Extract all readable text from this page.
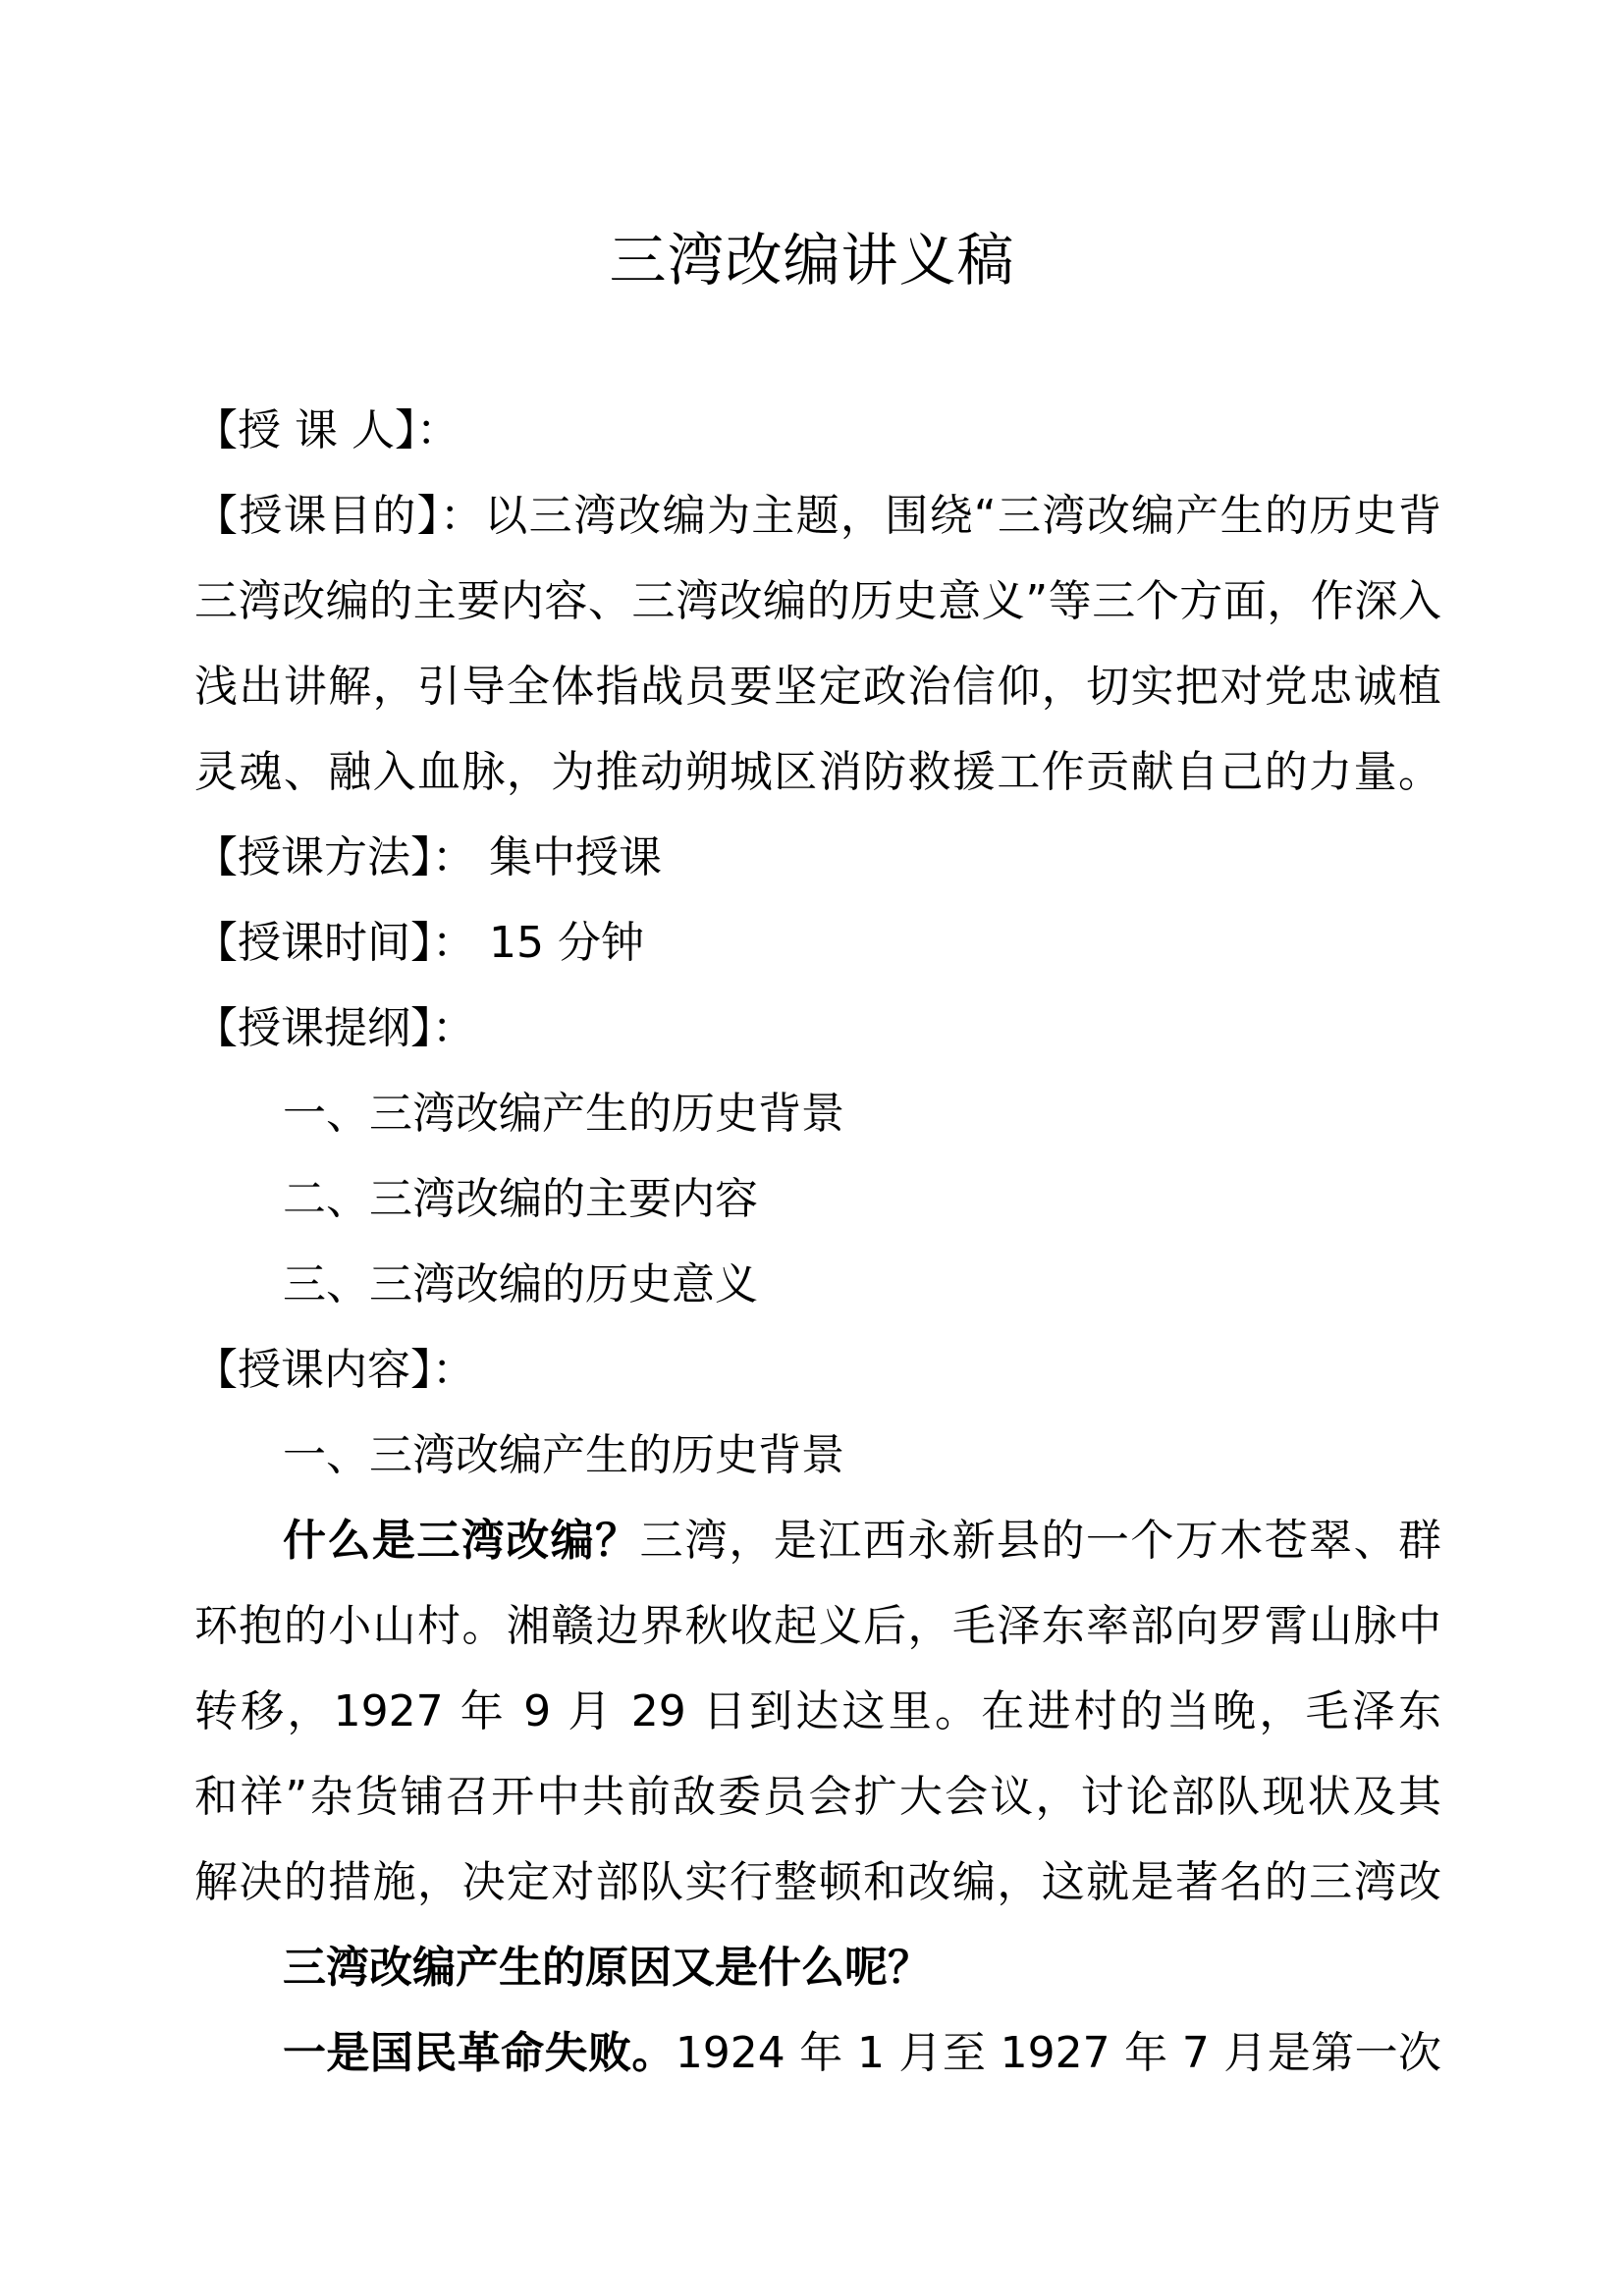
三湾改编讲义稿
【授 课 人】：
【授课目的】：以三湾改编为主题，围绕“三湾改编产生的历史背
三湾改编的主要内容、三湾改编的历史意义”等三个方面，作深入
浅出讲解，引导全体指战员要坚定政治信仰，切实把对党忠诚植
灵魂、融入血脉，为推动朔城区消防救援工作贡献自己的力量。
【授课方法】： 集中授课
【授课时间】： 15 分钟
【授课提纲】：
一、三湾改编产生的历史背景
二、三湾改编的主要内容
三、三湾改编的历史意义
【授课内容】：
一、三湾改编产生的历史背景
什么是三湾改编？三湾，是江西永新县的一个万木苍翠、群
环抱的小山村。湘赣边界秋收起义后，毛泽东率部向罗霄山脉中
转移，1927 年 9 月 29 日到达这里。在进村的当晚，毛泽东
和祥”杂货铺召开中共前敌委员会扩大会议，讨论部队现状及其
解决的措施，决定对部队实行整顿和改编，这就是著名的三湾改
三湾改编产生的原因又是什么呢？
一是国民革命失败。1924 年 1 月至 1927 年 7 月是第一次
